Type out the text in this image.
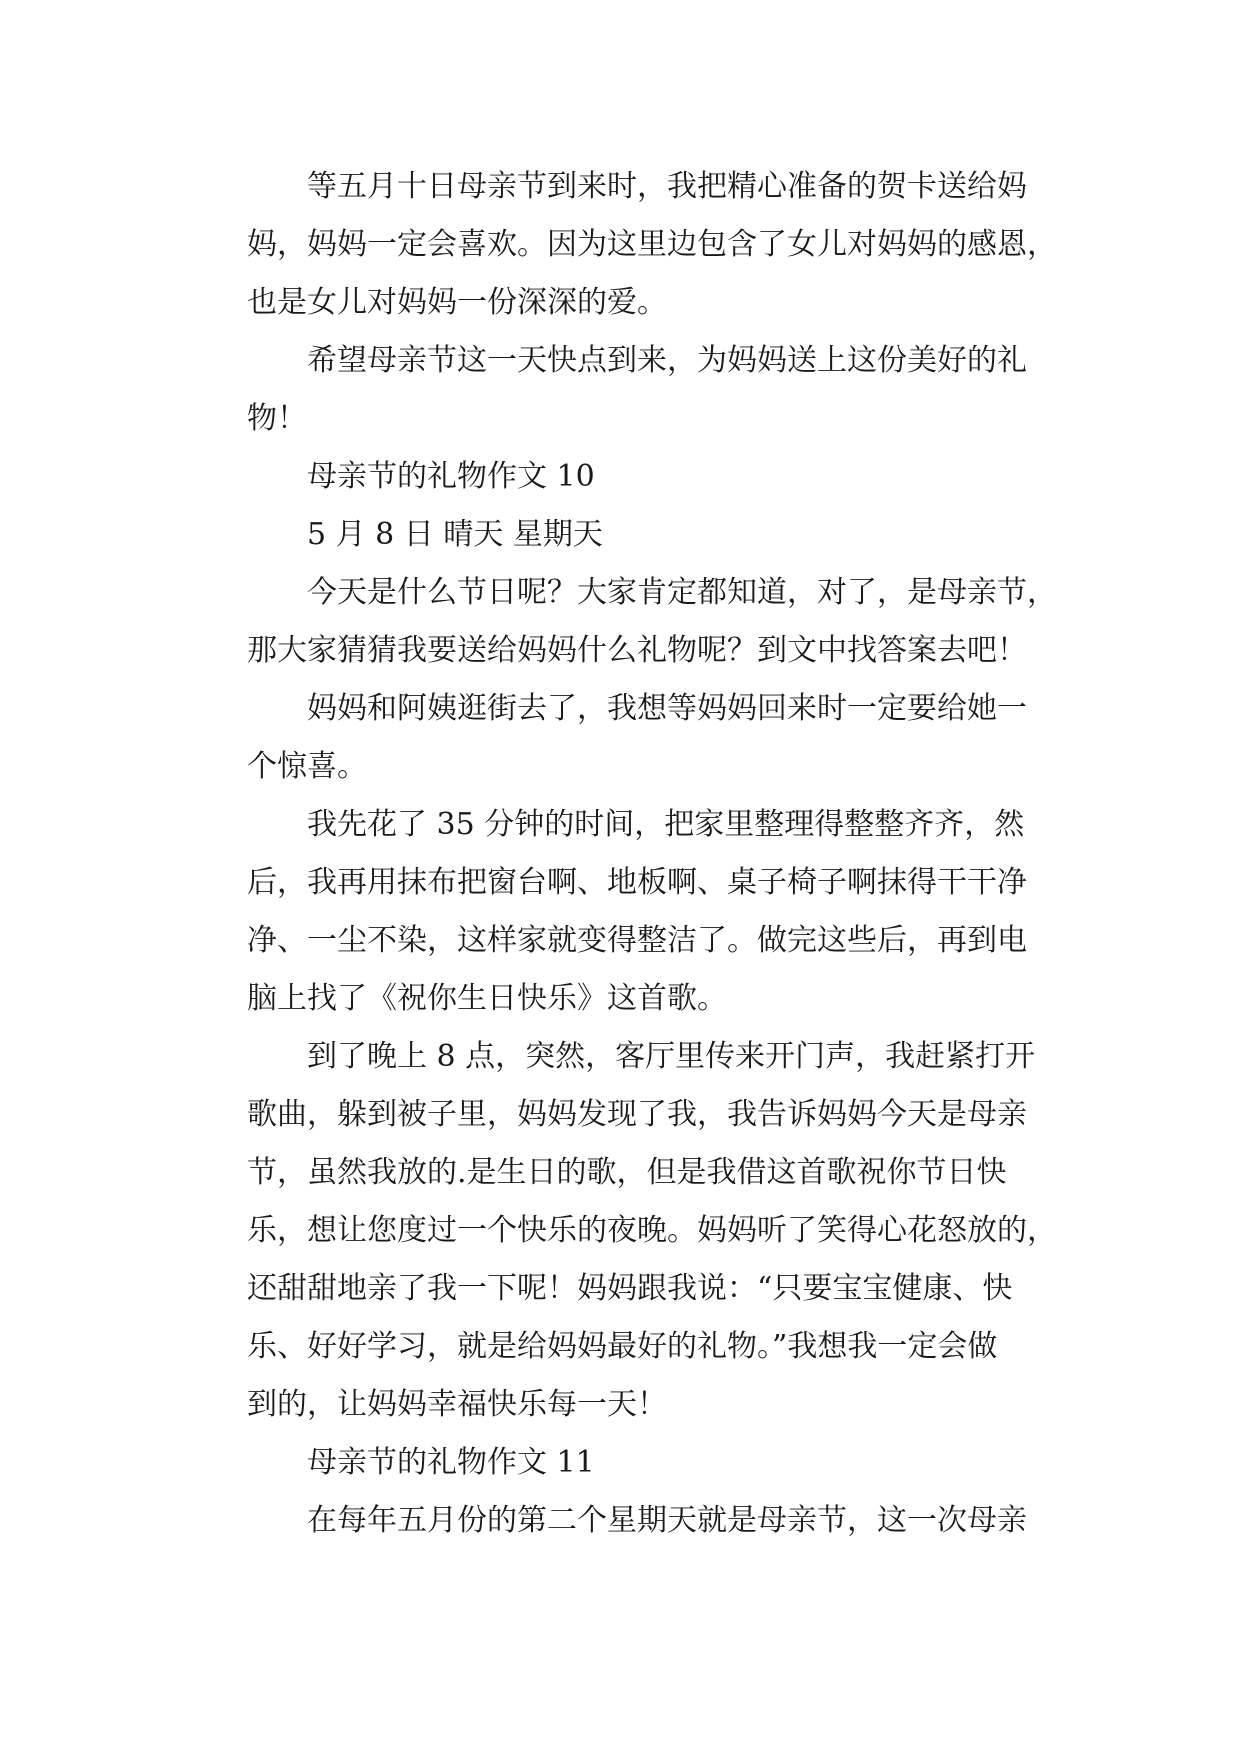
等五月十日母亲节到来时，我把精心准备的贺卡送给妈
妈，妈妈一定会喜欢。因为这里边包含了女儿对妈妈的感恩，
也是女儿对妈妈一份深深的爱。
希望母亲节这一天快点到来，为妈妈送上这份美好的礼
物！
母亲节的礼物作文 10
5 月 8 日 晴天 星期天
今天是什么节日呢？大家肯定都知道，对了，是母亲节，
那大家猜猜我要送给妈妈什么礼物呢？到文中找答案去吧！
妈妈和阿姨逛街去了，我想等妈妈回来时一定要给她一
个惊喜。
我先花了 35 分钟的时间，把家里整理得整整齐齐，然
后，我再用抹布把窗台啊、地板啊、桌子椅子啊抹得干干净
净、一尘不染，这样家就变得整洁了。做完这些后，再到电
脑上找了《祝你生日快乐》这首歌。
到了晚上 8 点，突然，客厅里传来开门声，我赶紧打开
歌曲，躲到被子里，妈妈发现了我，我告诉妈妈今天是母亲
节，虽然我放的.是生日的歌，但是我借这首歌祝你节日快
乐，想让您度过一个快乐的夜晚。妈妈听了笑得心花怒放的，
还甜甜地亲了我一下呢！妈妈跟我说：“只要宝宝健康、快
乐、好好学习，就是给妈妈最好的礼物。”我想我一定会做
到的，让妈妈幸福快乐每一天！
母亲节的礼物作文 11
在每年五月份的第二个星期天就是母亲节，这一次母亲
